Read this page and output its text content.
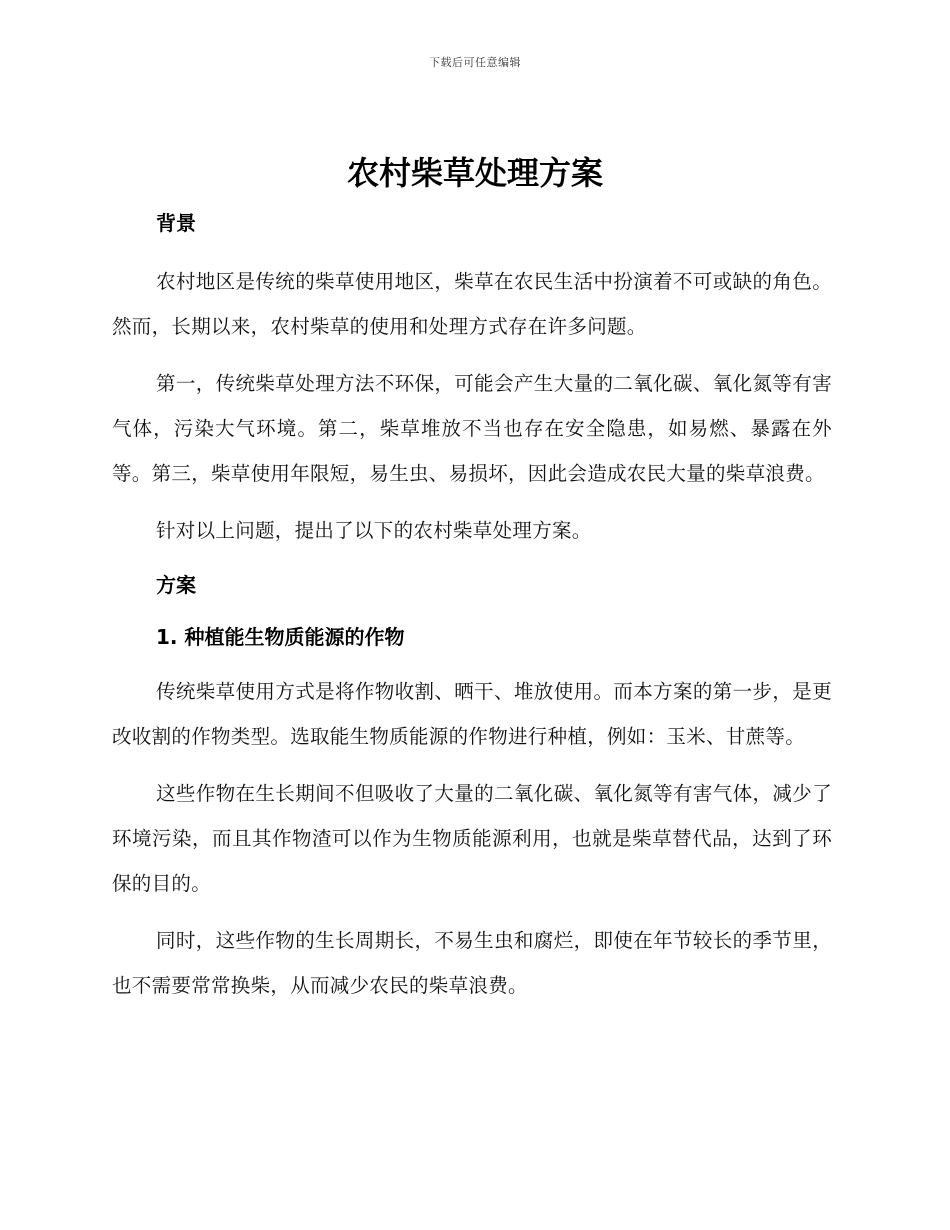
下载后可任意编辑
农村柴草处理方案
背景

农村地区是传统的柴草使用地区，柴草在农民生活中扮演着不可或缺的角色。然而，长期以来，农村柴草的使用和处理方式存在许多问题。

第一，传统柴草处理方法不环保，可能会产生大量的二氧化碳、氧化氮等有害气体，污染大气环境。第二，柴草堆放不当也存在安全隐患，如易燃、暴露在外等。第三，柴草使用年限短，易生虫、易损坏，因此会造成农民大量的柴草浪费。

针对以上问题，提出了以下的农村柴草处理方案。

方案
1. 种植能生物质能源的作物

传统柴草使用方式是将作物收割、晒干、堆放使用。而本方案的第一步，是更改收割的作物类型。选取能生物质能源的作物进行种植，例如：玉米、甘蔗等。

这些作物在生长期间不但吸收了大量的二氧化碳、氧化氮等有害气体，减少了环境污染，而且其作物渣可以作为生物质能源利用，也就是柴草替代品，达到了环保的目的。

同时，这些作物的生长周期长，不易生虫和腐烂，即使在年节较长的季节里，也不需要常常换柴，从而减少农民的柴草浪费。
